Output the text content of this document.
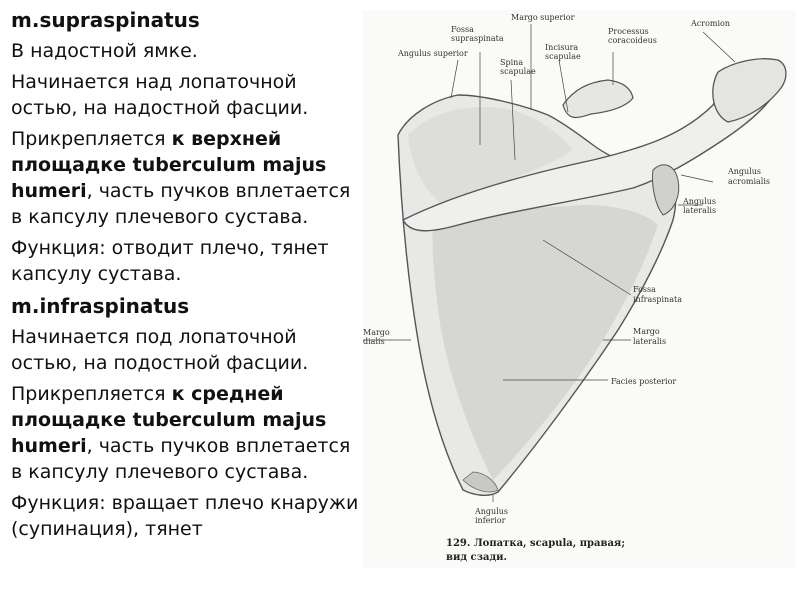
m.supraspinatus

В надостной ямке.

Начинается над лопаточной остью, на надостной фасции.

Прикрепляется к верхней площадке tuberculum majus humeri, часть пучков вплетается в капсулу плечевого сустава.

Функция: отводит плечо, тянет капсулу сустава.

m.infraspinatus

Начинается под лопаточной остью, на подостной фасции.

Прикрепляется к средней площадке tuberculum majus humeri, часть пучков вплетается в капсулу плечевого сустава.

Функция: вращает плечо кнаружи (супинация), тянет

Margo superior
Fossa
supraspinata
Angulus superior
Incisura
scapulae
Processus
coracoideus
Acromion
Spina
scapulae
Angulus
acromialis
Angulus
lateralis
Fossa
infraspinata
Margo
dialis
Margo
lateralis
Facies posterior
Angulus
inferior
129. Лопатка, scapula, правая;
вид сзади.
